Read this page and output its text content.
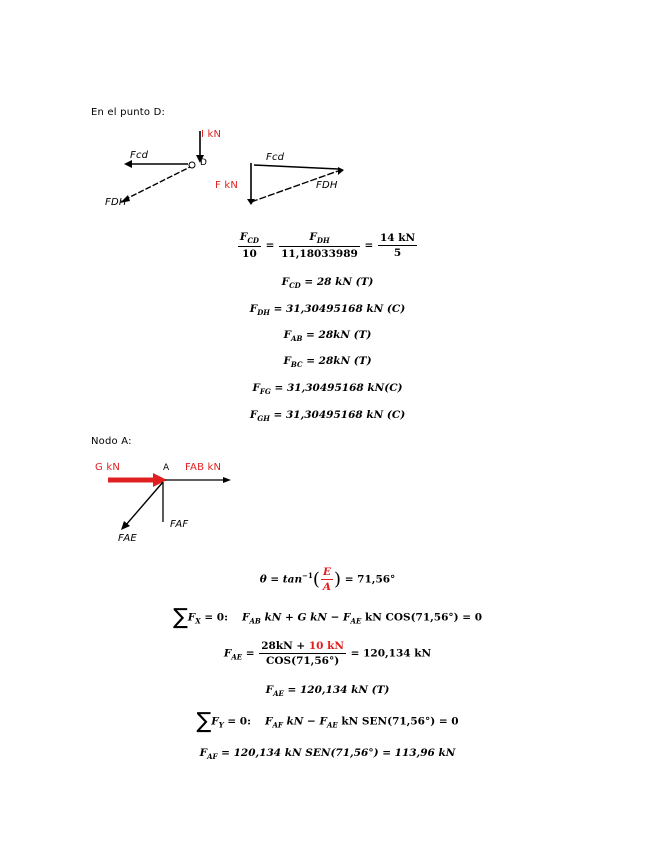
En el punto D:
I kN
Fcd
D
FDH
Fcd
F kN	FDH
$\frac{F_{CD}}{10} = \frac{F_{DH}}{11,18033989} = \frac{14 kN}{5}$
$F_{CD} = 28$ kN (T)
$F_{DH} = 31,30495168$ kN (C)
$F_{AB} = 28kN$ (T)
$F_{BC} = 28kN$ (T)
$F_{FG} = 31,30495168$ kN(C)
$F_{GH} = 31,30495168$ kN (C)
Nodo A:
G kN	A FAB kN
FAF
FAE
$\theta = \tan^{-1}( \frac{E}{A}$ ) = 71,56°
$\sum F_X = 0$: $F_{AB}$ kN + G kN − $F_{AE}$ kN COS(71,56°) = 0
$F_{AE} = \frac{28kN + 10 kN}{\text{COS(71,56°)}} = 120,134$ kN
$F_{AE} = 120,134$ kN (T)
$\sum F_Y = 0$: $F_{AF}$ kN − $F_{AE}$ kN SEN(71,56°) = 0
$F_{AF} = 120,134$ kN SEN(71,56°) = 113,96 kN
